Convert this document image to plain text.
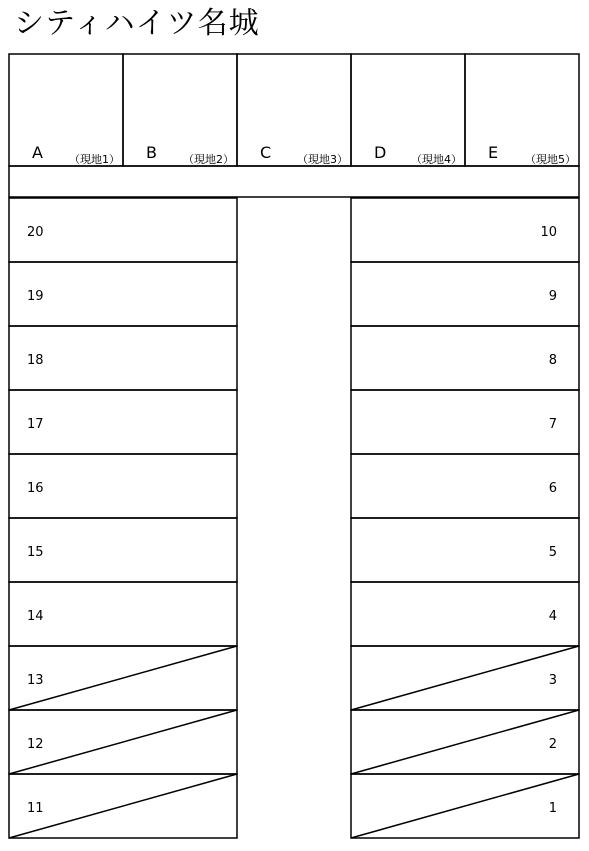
シティハイツ名城
A （現地1） B （現地2） C （現地3） D （現地4） E （現地5）
20
19
18
17
16
15
14
13
12
11
10
9
8
7
6
5
4
3
2
1
